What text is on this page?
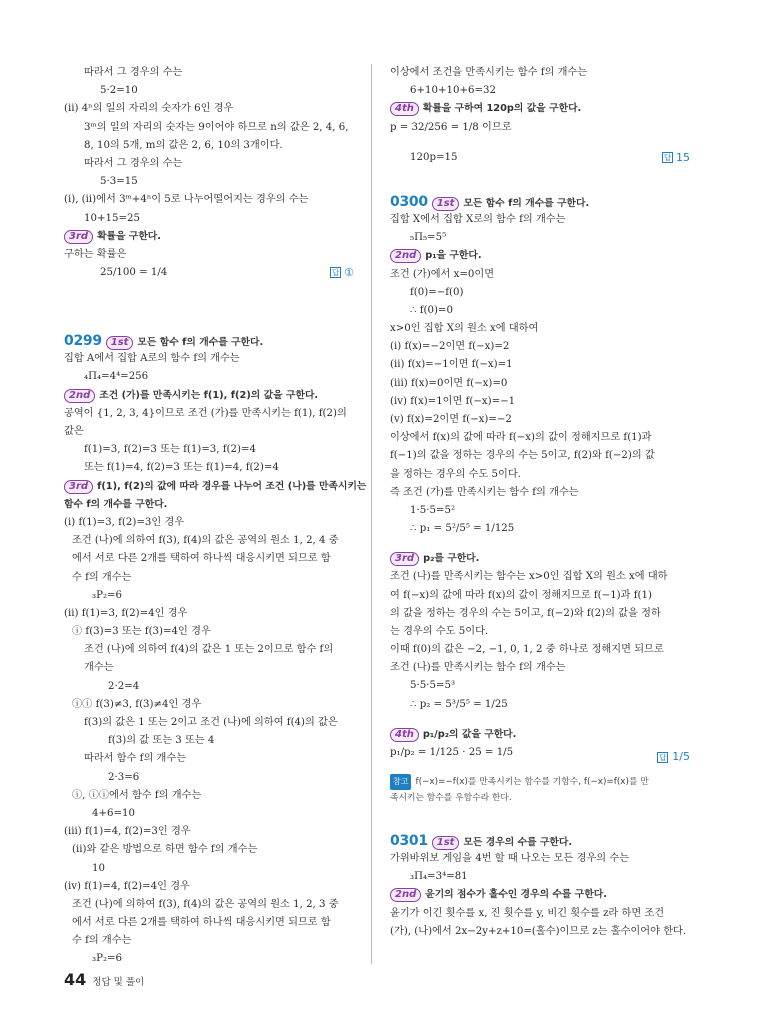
따라서 그 경우의 수는
5·2=10
(ii) 4ⁿ의 일의 자리의 숫자가 6인 경우
3ᵐ의 일의 자리의 숫자는 9이어야 하므로 n의 값은 2, 4, 6,
8, 10의 5개, m의 값은 2, 6, 10의 3개이다.
따라서 그 경우의 수는
5·3=15
(i), (ii)에서 3ᵐ+4ⁿ이 5로 나누어떨어지는 경우의 수는
10+15=25
3rd 확률을 구한다.
구하는 확률은
25/100 = 1/4	답 ①
0299 1st 모든 함수 f의 개수를 구한다.
집합 A에서 집합 A로의 함수 f의 개수는
₄Π₄=4⁴=256
2nd 조건 (가)를 만족시키는 f(1), f(2)의 값을 구한다.
공역이 {1, 2, 3, 4}이므로 조건 (가)를 만족시키는 f(1), f(2)의
값은
f(1)=3, f(2)=3 또는 f(1)=3, f(2)=4
또는 f(1)=4, f(2)=3 또는 f(1)=4, f(2)=4
3rd f(1), f(2)의 값에 따라 경우를 나누어 조건 (나)를 만족시키는
함수 f의 개수를 구한다.
(i) f(1)=3, f(2)=3인 경우
조건 (나)에 의하여 f(3), f(4)의 값은 공역의 원소 1, 2, 4 중
에서 서로 다른 2개를 택하여 하나씩 대응시키면 되므로 함
수 f의 개수는
₃P₂=6
(ii) f(1)=3, f(2)=4인 경우
ⓘ f(3)=3 또는 f(3)=4인 경우
조건 (나)에 의하여 f(4)의 값은 1 또는 2이므로 함수 f의
개수는
2·2=4
ⓘⓘ f(3)≠3, f(3)≠4인 경우
f(3)의 값은 1 또는 2이고 조건 (나)에 의하여 f(4)의 값은
f(3)의 값 또는 3 또는 4
따라서 함수 f의 개수는
2·3=6
ⓘ, ⓘⓘ에서 함수 f의 개수는
4+6=10
(iii) f(1)=4, f(2)=3인 경우
(ii)와 같은 방법으로 하면 함수 f의 개수는
10
(iv) f(1)=4, f(2)=4인 경우
조건 (나)에 의하여 f(3), f(4)의 값은 공역의 원소 1, 2, 3 중
에서 서로 다른 2개를 택하여 하나씩 대응시키면 되므로 함
수 f의 개수는
₃P₂=6
이상에서 조건을 만족시키는 함수 f의 개수는
6+10+10+6=32
4th 확률을 구하여 120p의 값을 구한다.
p = 32/256 = 1/8 이므로
120p=15	답 15
0300 1st 모든 함수 f의 개수를 구한다.
집합 X에서 집합 X로의 함수 f의 개수는
₅Π₅=5⁵
2nd p₁을 구한다.
조건 (가)에서 x=0이면
f(0)=−f(0)
∴ f(0)=0
x>0인 집합 X의 원소 x에 대하여
(i) f(x)=−2이면 f(−x)=2
(ii) f(x)=−1이면 f(−x)=1
(iii) f(x)=0이면 f(−x)=0
(iv) f(x)=1이면 f(−x)=−1
(v) f(x)=2이면 f(−x)=−2
이상에서 f(x)의 값에 따라 f(−x)의 값이 정해지므로 f(1)과
f(−1)의 값을 정하는 경우의 수는 5이고, f(2)와 f(−2)의 값
을 정하는 경우의 수도 5이다.
즉 조건 (가)를 만족시키는 함수 f의 개수는
1·5·5=5²
∴ p₁ = 5²/5⁵ = 1/125
3rd p₂를 구한다.
조건 (나)를 만족시키는 함수는 x>0인 집합 X의 원소 x에 대하
여 f(−x)의 값에 따라 f(x)의 값이 정해지므로 f(−1)과 f(1)
의 값을 정하는 경우의 수는 5이고, f(−2)와 f(2)의 값을 정하
는 경우의 수도 5이다.
이때 f(0)의 값은 −2, −1, 0, 1, 2 중 하나로 정해지면 되므로
조건 (나)를 만족시키는 함수 f의 개수는
5·5·5=5³
∴ p₂ = 5³/5⁵ = 1/25
4th p₁/p₂의 값을 구한다.
p₁/p₂ = 1/125 · 25 = 1/5	답 1/5
참고 f(−x)=−f(x)를 만족시키는 함수를 기함수, f(−x)=f(x)를 만
족시키는 함수를 우함수라 한다.
0301 1st 모든 경우의 수를 구한다.
가위바위보 게임을 4번 할 때 나오는 모든 경우의 수는
₃Π₄=3⁴=81
2nd 윤기의 점수가 홀수인 경우의 수를 구한다.
윤기가 이긴 횟수를 x, 진 횟수를 y, 비긴 횟수를 z라 하면 조건
(가), (나)에서 2x−2y+z+10=(홀수)이므로 z는 홀수이어야 한다.
44 정답 및 풀이
